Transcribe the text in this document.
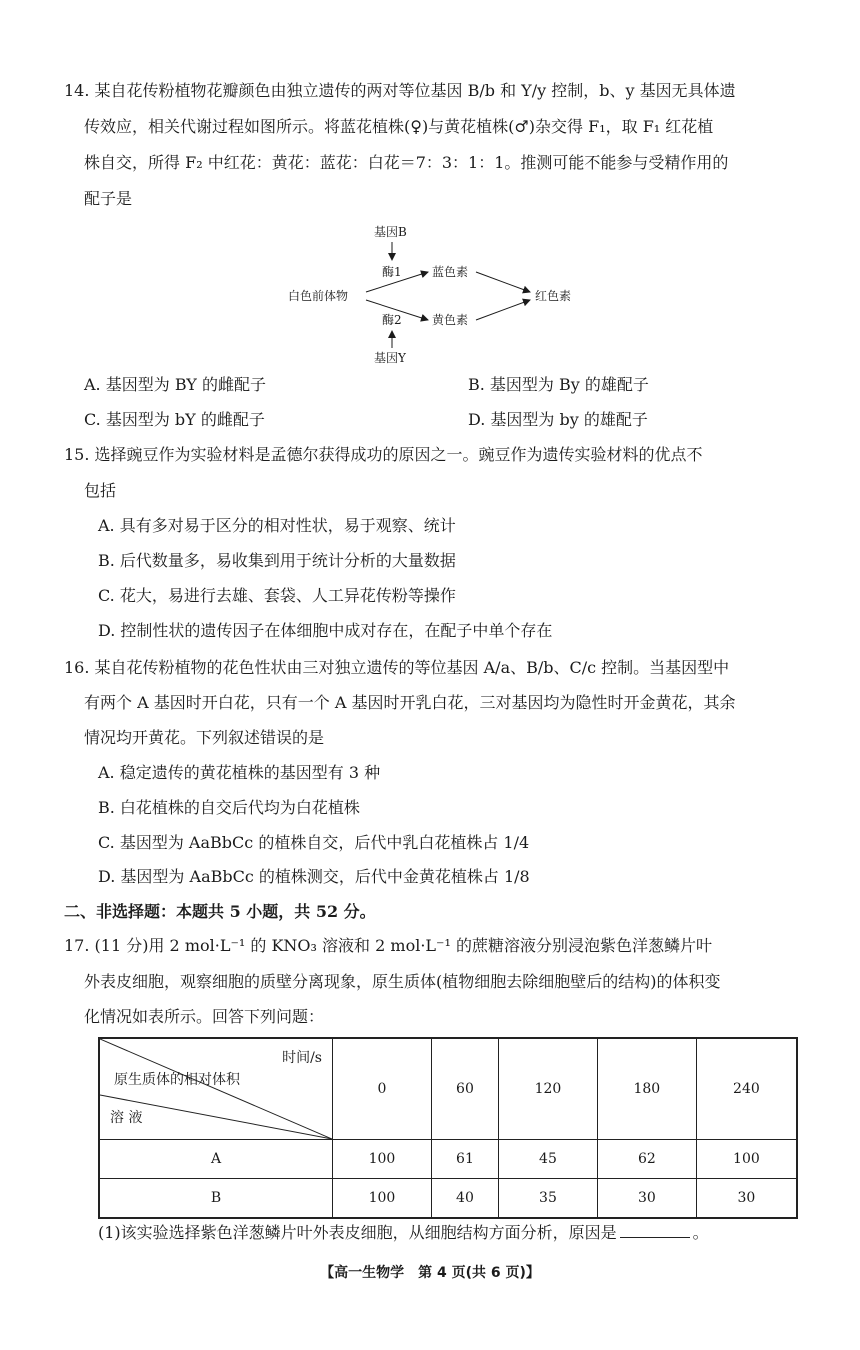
14. 某自花传粉植物花瓣颜色由独立遗传的两对等位基因 B/b 和 Y/y 控制，b、y 基因无具体遗
传效应，相关代谢过程如图所示。将蓝花植株(♀)与黄花植株(♂)杂交得 F₁，取 F₁ 红花植
株自交，所得 F₂ 中红花：黄花：蓝花：白花＝7：3：1：1。推测可能不能参与受精作用的
配子是
基因B
酶1	蓝色素
白色前体物	红色素
酶2	黄色素
基因Y
A. 基因型为 BY 的雌配子	B. 基因型为 By 的雄配子
C. 基因型为 bY 的雌配子	D. 基因型为 by 的雄配子
15. 选择豌豆作为实验材料是孟德尔获得成功的原因之一。豌豆作为遗传实验材料的优点不
包括
A. 具有多对易于区分的相对性状，易于观察、统计
B. 后代数量多，易收集到用于统计分析的大量数据
C. 花大，易进行去雄、套袋、人工异花传粉等操作
D. 控制性状的遗传因子在体细胞中成对存在，在配子中单个存在
16. 某自花传粉植物的花色性状由三对独立遗传的等位基因 A/a、B/b、C/c 控制。当基因型中
有两个 A 基因时开白花，只有一个 A 基因时开乳白花，三对基因均为隐性时开金黄花，其余
情况均开黄花。下列叙述错误的是
A. 稳定遗传的黄花植株的基因型有 3 种
B. 白花植株的自交后代均为白花植株
C. 基因型为 AaBbCc 的植株自交，后代中乳白花植株占 1/4
D. 基因型为 AaBbCc 的植株测交，后代中金黄花植株占 1/8
二、非选择题：本题共 5 小题，共 52 分。
17. (11 分)用 2 mol·L⁻¹ 的 KNO₃ 溶液和 2 mol·L⁻¹ 的蔗糖溶液分别浸泡紫色洋葱鳞片叶
外表皮细胞，观察细胞的质壁分离现象，原生质体(植物细胞去除细胞壁后的结构)的体积变
化情况如表所示。回答下列问题：
时间/s
原生质体的相对体积
溶 液	0	60	120	180	240
A	100	61	45	62	100
B	100	40	35	30	30
(1)该实验选择紫色洋葱鳞片叶外表皮细胞，从细胞结构方面分析，原因是	。
【高一生物学　第 4 页(共 6 页)】
